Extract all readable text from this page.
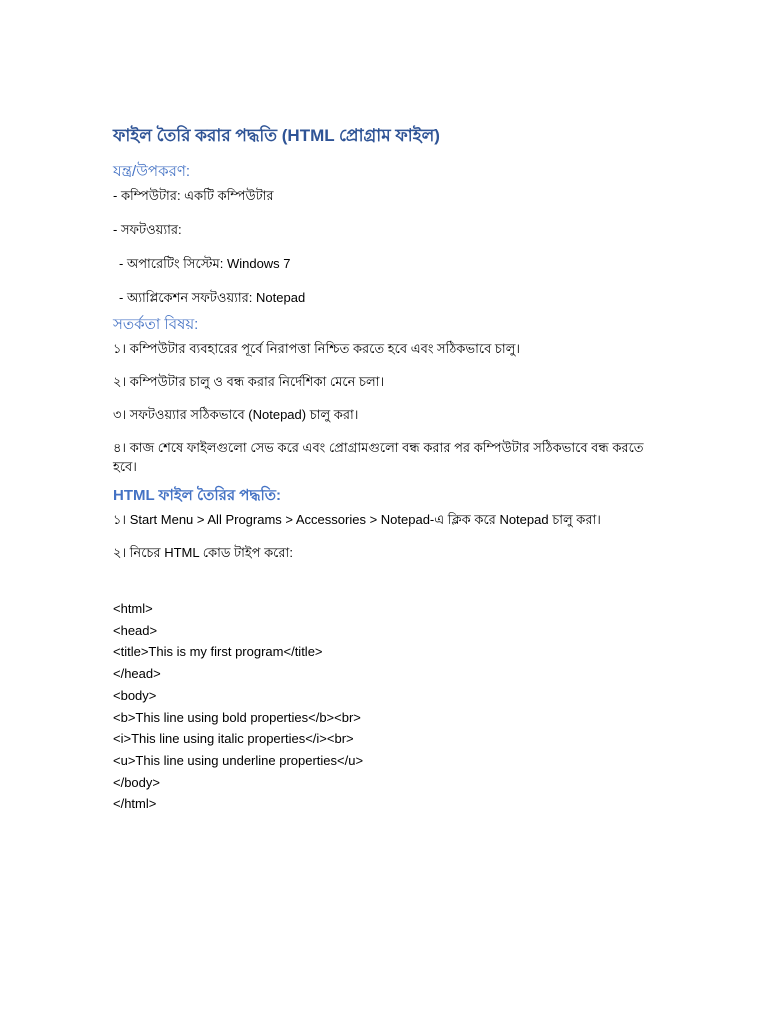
ফাইল তৈরি করার পদ্ধতি (HTML প্রোগ্রাম ফাইল)
যন্ত্র/উপকরণ:
- কম্পিউটার: একটি কম্পিউটার
- সফটওয়্যার:
- অপারেটিং সিস্টেম: Windows 7
- অ্যাপ্লিকেশন সফটওয়্যার: Notepad
সতর্কতা বিষয়:
১। কম্পিউটার ব্যবহারের পূর্বে নিরাপত্তা নিশ্চিত করতে হবে এবং সঠিকভাবে চালু।
২। কম্পিউটার চালু ও বন্ধ করার নির্দেশিকা মেনে চলা।
৩। সফটওয়্যার সঠিকভাবে (Notepad) চালু করা।
৪। কাজ শেষে ফাইলগুলো সেভ করে এবং প্রোগ্রামগুলো বন্ধ করার পর কম্পিউটার সঠিকভাবে বন্ধ করতে হবে।
HTML ফাইল তৈরির পদ্ধতি:
১। Start Menu > All Programs > Accessories > Notepad-এ ক্লিক করে Notepad চালু করা।
২। নিচের HTML কোড টাইপ করো:
<html>
<head>
<title>This is my first program</title>
</head>
<body>
<b>This line using bold properties</b><br>
<i>This line using italic properties</i><br>
<u>This line using underline properties</u>
</body>
</html>
